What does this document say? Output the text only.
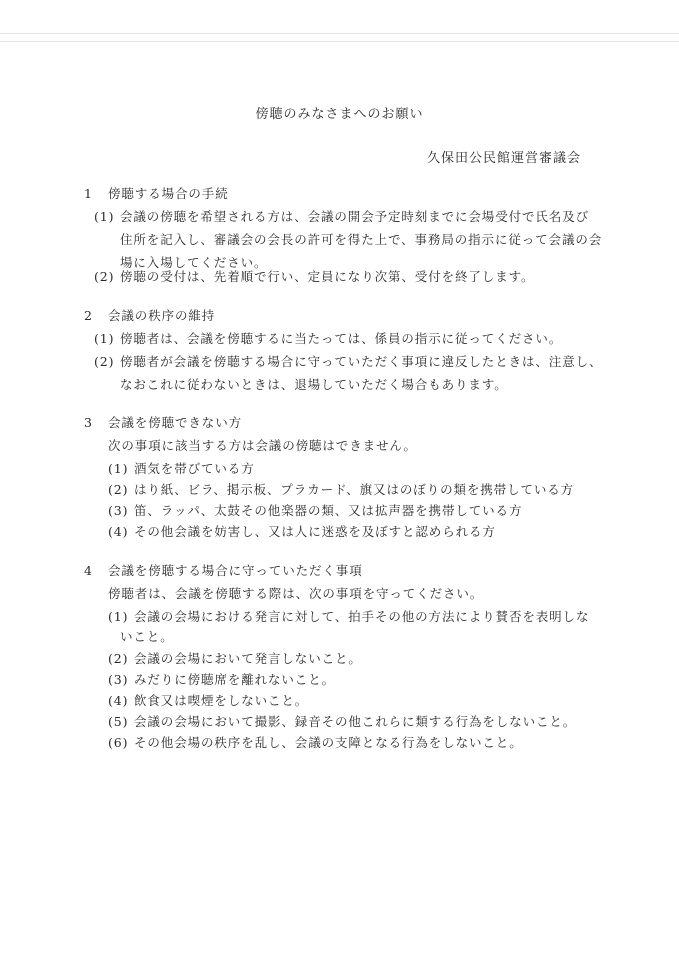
傍聴のみなさまへのお願い
久保田公民館運営審議会
1 傍聴する場合の手続
(1) 会議の傍聴を希望される方は、会議の開会予定時刻までに会場受付で氏名及び
住所を記入し、審議会の会長の許可を得た上で、事務局の指示に従って会議の会
場に入場してください。
(2) 傍聴の受付は、先着順で行い、定員になり次第、受付を終了します。
2 会議の秩序の維持
(1) 傍聴者は、会議を傍聴するに当たっては、係員の指示に従ってください。
(2) 傍聴者が会議を傍聴する場合に守っていただく事項に違反したときは、注意し、
なおこれに従わないときは、退場していただく場合もあります。
3 会議を傍聴できない方
次の事項に該当する方は会議の傍聴はできません。
(1) 酒気を帯びている方
(2) はり紙、ビラ、掲示板、プラカード、旗又はのぼりの類を携帯している方
(3) 笛、ラッパ、太鼓その他楽器の類、又は拡声器を携帯している方
(4) その他会議を妨害し、又は人に迷惑を及ぼすと認められる方
4 会議を傍聴する場合に守っていただく事項
傍聴者は、会議を傍聴する際は、次の事項を守ってください。
(1) 会議の会場における発言に対して、拍手その他の方法により賛否を表明しな
いこと。
(2) 会議の会場において発言しないこと。
(3) みだりに傍聴席を離れないこと。
(4) 飲食又は喫煙をしないこと。
(5) 会議の会場において撮影、録音その他これらに類する行為をしないこと。
(6) その他会場の秩序を乱し、会議の支障となる行為をしないこと。
